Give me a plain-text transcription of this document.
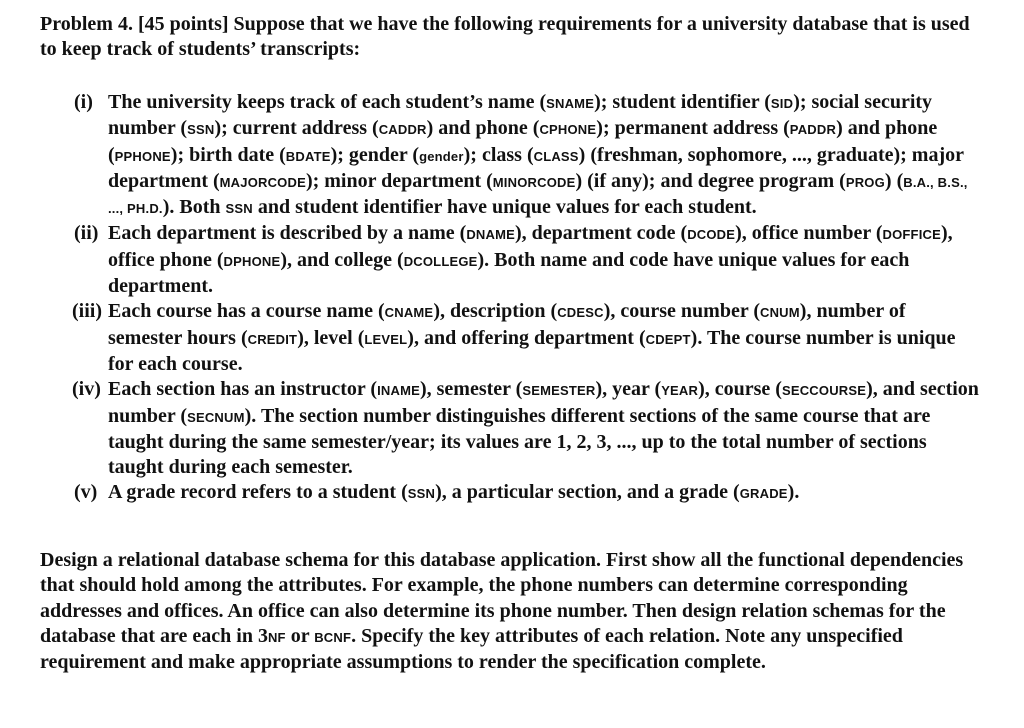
Problem 4. [45 points] Suppose that we have the following requirements for a university database that is used to keep track of students’ transcripts:

(i) The university keeps track of each student’s name (SNAME); student identifier (SID); social security number (SSN); current address (CADDR) and phone (CPHONE); permanent address (PADDR) and phone (PPHONE); birth date (BDATE); gender (gender); class (CLASS) (freshman, sophomore, ..., graduate); major department (MAJORCODE); minor department (MINORCODE) (if any); and degree program (PROG) (B.A., B.S., ..., PH.D.). Both SSN and student identifier have unique values for each student.
(ii) Each department is described by a name (DNAME), department code (DCODE), office number (DOFFICE), office phone (DPHONE), and college (DCOLLEGE). Both name and code have unique values for each department.
(iii) Each course has a course name (CNAME), description (CDESC), course number (CNUM), number of semester hours (CREDIT), level (LEVEL), and offering department (CDEPT). The course number is unique for each course.
(iv) Each section has an instructor (INAME), semester (SEMESTER), year (YEAR), course (SECCOURSE), and section number (SECNUM). The section number distinguishes different sections of the same course that are taught during the same semester/year; its values are 1, 2, 3, ..., up to the total number of sections taught during each semester.
(v) A grade record refers to a student (SSN), a particular section, and a grade (GRADE).

Design a relational database schema for this database application. First show all the functional dependencies that should hold among the attributes. For example, the phone numbers can determine corresponding addresses and offices. An office can also determine its phone number. Then design relation schemas for the database that are each in 3NF or BCNF. Specify the key attributes of each relation. Note any unspecified requirement and make appropriate assumptions to render the specification complete.
